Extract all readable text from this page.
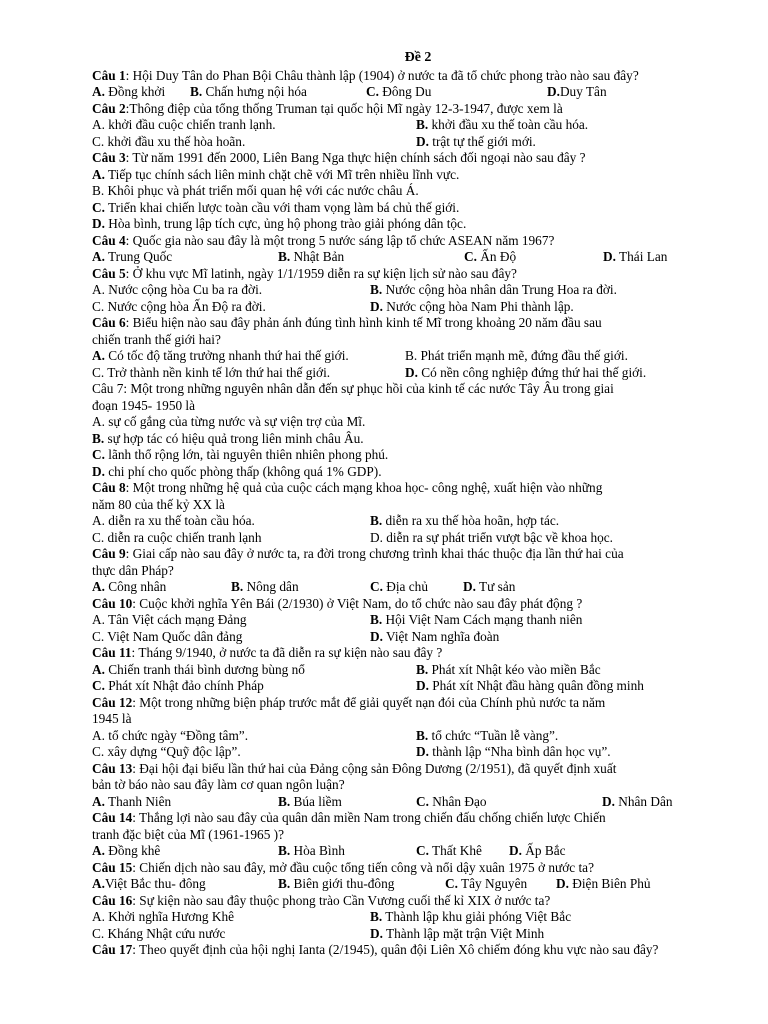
Đề 2

Câu 1: Hội Duy Tân do Phan Bội Châu thành lập (1904) ở nước ta đã tổ chức phong trào nào sau đây?

A. Đồng khởi	B. Chấn hưng nội hóa	C. Đông Du	D.Duy Tân

Câu 2:Thông điệp của tổng thống Truman tại quốc hội Mĩ ngày 12-3-1947, được xem là

A. khởi đầu cuộc chiến tranh lạnh.	B. khởi đầu xu thế toàn cầu hóa.
C. khởi đầu xu thế hòa hoãn.	D. trật tự thế giới mới.

Câu 3: Từ năm 1991 đến 2000, Liên Bang Nga thực hiện chính sách đối ngoại nào sau đây ?

A. Tiếp tục chính sách liên minh chặt chẽ với Mĩ trên nhiều lĩnh vực.

B. Khôi phục và phát triển mối quan hệ với các nước châu Á.

C. Triển khai chiến lược toàn cầu với tham vọng làm bá chủ thế giới.

D. Hòa bình, trung lập tích cực, ủng hộ phong trào giải phóng dân tộc.

Câu 4: Quốc gia nào sau đây là một trong 5 nước sáng lập tổ chức ASEAN năm 1967?

A. Trung Quốc	B. Nhật Bản	C. Ấn Độ	D. Thái Lan

Câu 5: Ở khu vực Mĩ latinh, ngày 1/1/1959 diễn ra sự kiện lịch sử nào sau đây?

A. Nước cộng hòa Cu ba ra đời.	B. Nước cộng hòa nhân dân Trung Hoa ra đời.
C. Nước cộng hòa Ấn Độ ra đời.	D. Nước cộng hòa Nam Phi thành lập.

Câu 6: Biểu hiện nào sau đây phản ánh đúng tình hình kinh tế Mĩ trong khoảng 20 năm đầu sau

chiến tranh thế giới hai?

A. Có tốc độ tăng trưởng nhanh thứ hai thế giới.	B. Phát triển mạnh mẽ, đứng đầu thế giới.
C. Trở thành nền kinh tế lớn thứ hai thế giới.	D. Có nền công nghiệp đứng thứ hai thế giới.

Câu 7: Một trong những nguyên nhân dẫn đến sự phục hồi của kinh tế các nước Tây Âu trong giai

đoạn 1945- 1950 là

A. sự cố gắng của từng nước và sự viện trợ của Mĩ.

B. sự hợp tác có hiệu quả trong liên minh châu Âu.

C. lãnh thổ rộng lớn, tài nguyên thiên nhiên phong phú.

D. chi phí cho quốc phòng thấp (không quá 1% GDP).

Câu 8: Một trong những hệ quả của cuộc cách mạng khoa học- công nghệ, xuất hiện vào những

năm 80 của thế kỷ XX là

A. diễn ra xu thế toàn cầu hóa.	B. diễn ra xu thế hòa hoãn, hợp tác.
C. diễn ra cuộc chiến tranh lạnh	D. diễn ra sự phát triển vượt bậc về khoa học.

Câu 9: Giai cấp nào sau đây ở nước ta, ra đời trong chương trình khai thác thuộc địa lần thứ hai của

thực dân Pháp?

A. Công nhân	B. Nông dân	C. Địa chủ	D. Tư sản

Câu 10: Cuộc khởi nghĩa Yên Bái (2/1930) ở Việt Nam, do tổ chức nào sau đây phát động ?

A. Tân Việt cách mạng Đảng	B. Hội Việt Nam Cách mạng thanh niên
C. Việt Nam Quốc dân đảng	D. Việt Nam nghĩa đoàn

Câu 11: Tháng 9/1940, ở nước ta đã diễn ra sự kiện nào sau đây ?

A. Chiến tranh thái bình dương bùng nổ	B. Phát xít Nhật kéo vào miền Bắc
C. Phát xít Nhật đảo chính Pháp	D. Phát xít Nhật đầu hàng quân đồng minh

Câu 12: Một trong những biện pháp trước mắt để giải quyết nạn đói của Chính phủ nước ta năm

1945 là

A. tổ chức ngày “Đồng tâm”.	B. tổ chức “Tuần lễ vàng”.
C. xây dựng “Quỹ độc lập”.	D. thành lập “Nha bình dân học vụ”.

Câu 13: Đại hội đại biểu lần thứ hai của Đảng cộng sản Đông Dương (2/1951), đã quyết định xuất

bản tờ báo nào sau đây làm cơ quan ngôn luận?

A. Thanh Niên	B. Búa liềm	C. Nhân Đạo	D. Nhân Dân

Câu 14: Thắng lợi nào sau đây của quân dân miền Nam trong chiến đấu chống chiến lược Chiến

tranh đặc biệt của Mĩ (1961-1965 )?

A. Đồng khê	B. Hòa Bình	C. Thất Khê	D. Ấp Bắc

Câu 15: Chiến dịch nào sau đây, mở đầu cuộc tổng tiến công và nổi dậy xuân 1975 ở nước ta?

A.Việt Bắc thu- đông	B. Biên giới thu-đông	C. Tây Nguyên	D. Điện Biên Phủ

Câu 16: Sự kiện nào sau đây thuộc phong trào Cần Vương cuối thế kỉ XIX ở nước ta?

A. Khởi nghĩa Hương Khê	B. Thành lập khu giải phóng Việt Bắc
C. Kháng Nhật cứu nước	D. Thành lập mặt trận Việt Minh

Câu 17: Theo quyết định của hội nghị Ianta (2/1945), quân đội Liên Xô chiếm đóng khu vực nào sau đây?
